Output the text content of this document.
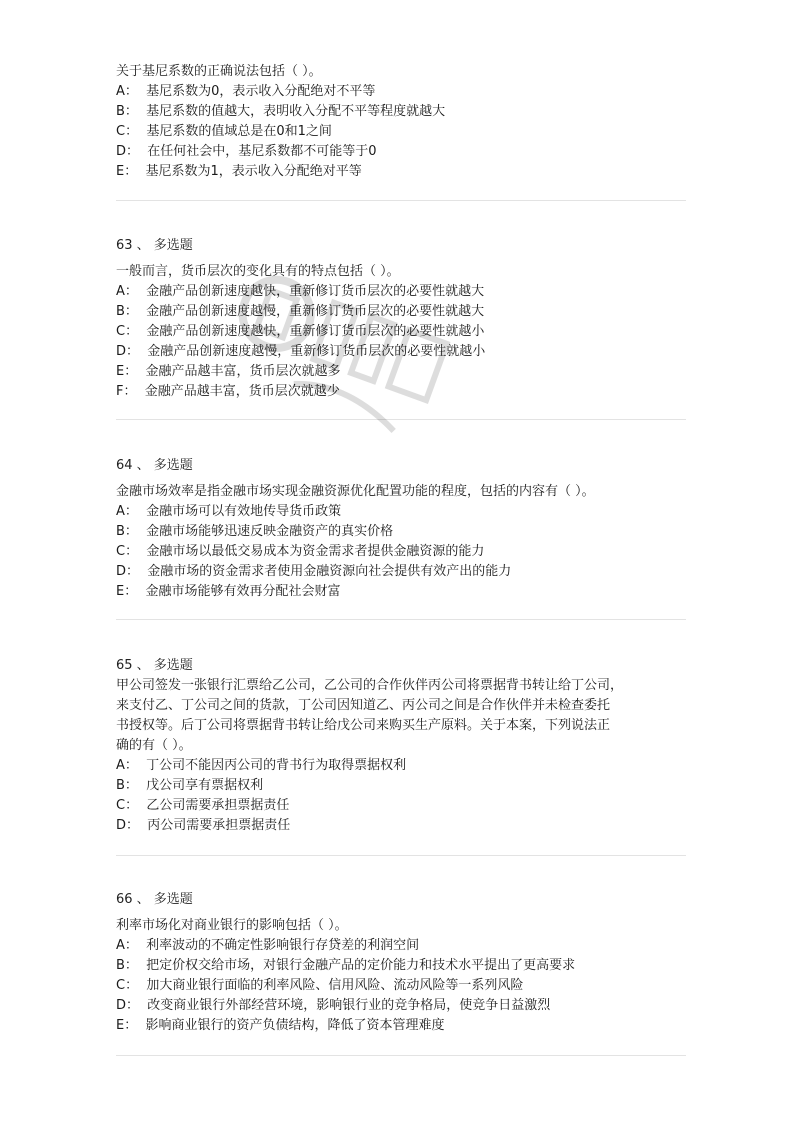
关于基尼系数的正确说法包括（ ）。
A：  基尼系数为0，表示收入分配绝对不平等
B：  基尼系数的值越大，表明收入分配不平等程度就越大
C：  基尼系数的值域总是在0和1之间
D：  在任何社会中，基尼系数都不可能等于0
E：  基尼系数为1，表示收入分配绝对平等
63 、 多选题
一般而言，货币层次的变化具有的特点包括（ ）。
A：  金融产品创新速度越快，重新修订货币层次的必要性就越大
B：  金融产品创新速度越慢，重新修订货币层次的必要性就越大
C：  金融产品创新速度越快，重新修订货币层次的必要性就越小
D：  金融产品创新速度越慢，重新修订货币层次的必要性就越小
E：  金融产品越丰富，货币层次就越多
F：  金融产品越丰富，货币层次就越少
64 、 多选题
金融市场效率是指金融市场实现金融资源优化配置功能的程度，包括的内容有（ ）。
A：  金融市场可以有效地传导货币政策
B：  金融市场能够迅速反映金融资产的真实价格
C：  金融市场以最低交易成本为资金需求者提供金融资源的能力
D：  金融市场的资金需求者使用金融资源向社会提供有效产出的能力
E：  金融市场能够有效再分配社会财富
65 、 多选题
甲公司签发一张银行汇票给乙公司，乙公司的合作伙伴丙公司将票据背书转让给丁公司，
来支付乙、丁公司之间的货款，丁公司因知道乙、丙公司之间是合作伙伴并未检查委托
书授权等。后丁公司将票据背书转让给戊公司来购买生产原料。关于本案，下列说法正
确的有（ ）。
A：  丁公司不能因丙公司的背书行为取得票据权利
B：  戊公司享有票据权利
C：  乙公司需要承担票据责任
D：  丙公司需要承担票据责任
66 、 多选题
利率市场化对商业银行的影响包括（ ）。
A：  利率波动的不确定性影响银行存贷差的利润空间
B：  把定价权交给市场，对银行金融产品的定价能力和技术水平提出了更高要求
C：  加大商业银行面临的利率风险、信用风险、流动风险等一系列风险
D：  改变商业银行外部经营环境，影响银行业的竞争格局，使竞争日益激烈
E：  影响商业银行的资产负债结构，降低了资本管理难度
